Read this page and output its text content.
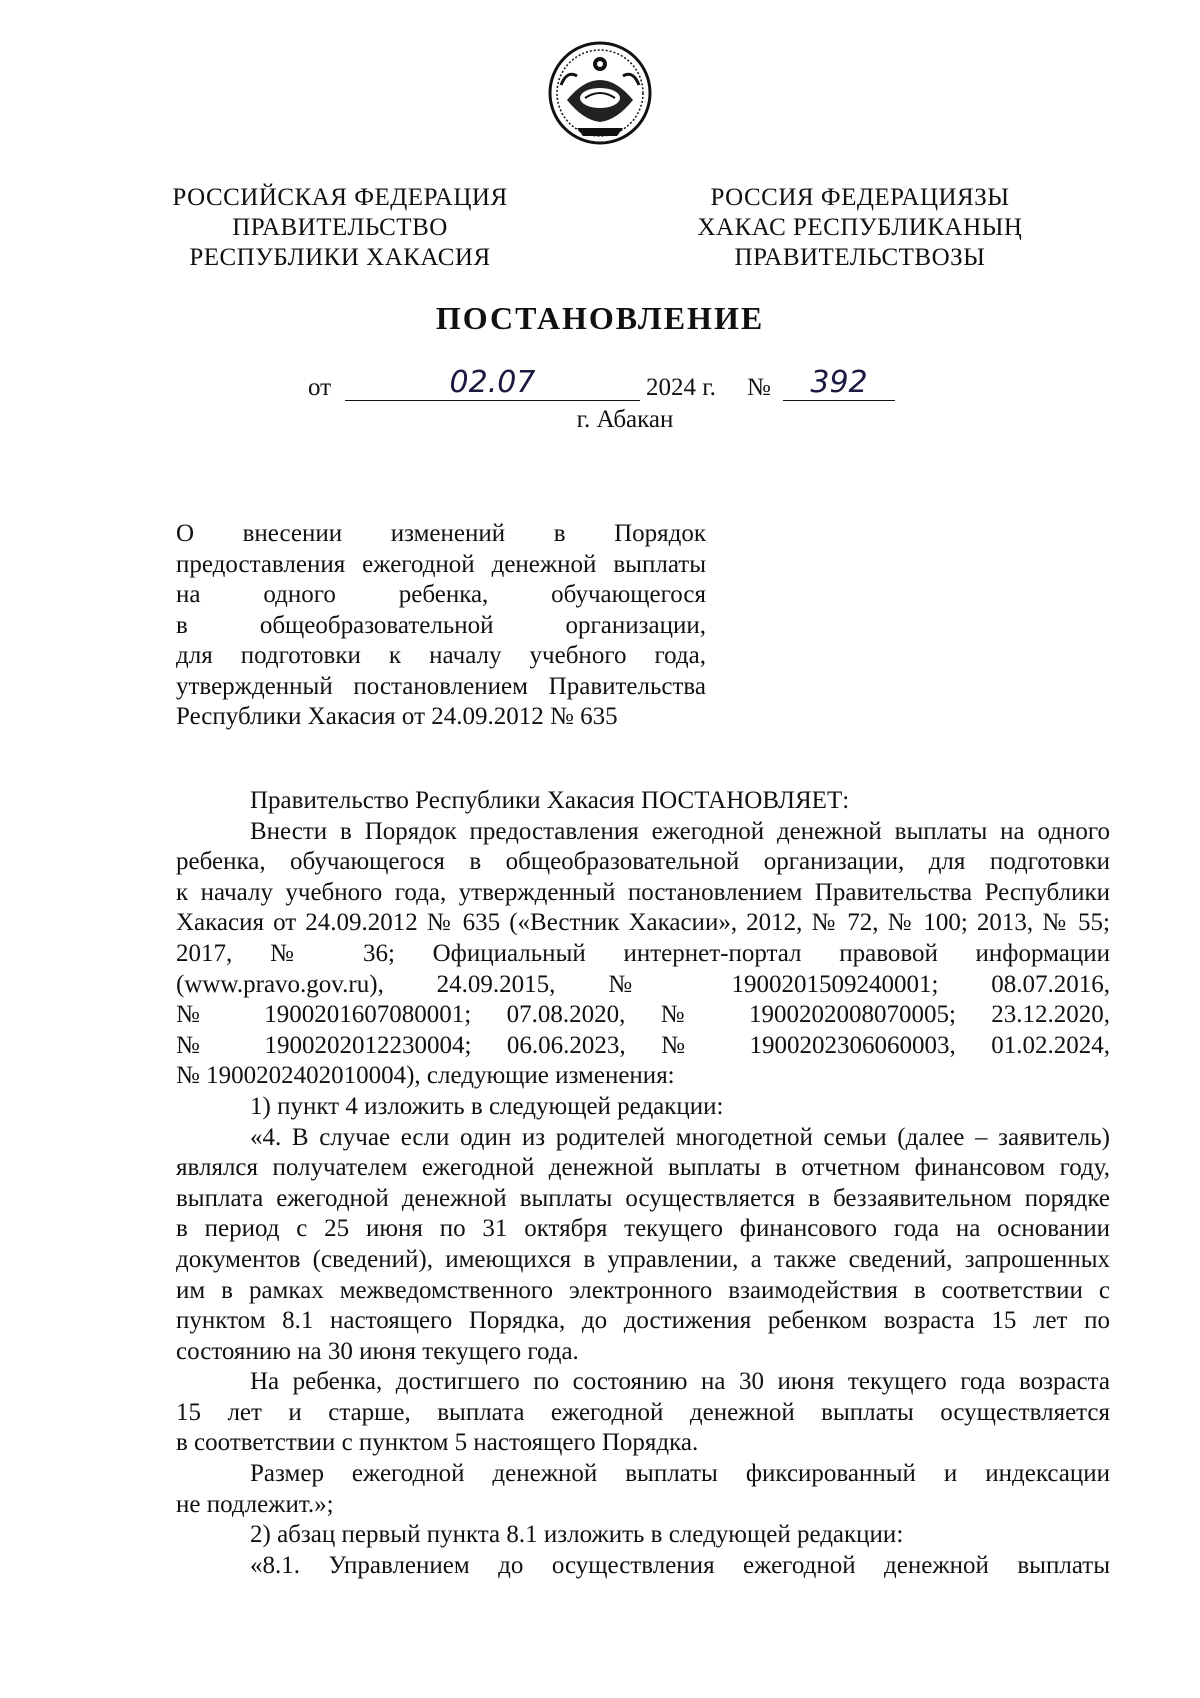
РОССИЙСКАЯ ФЕДЕРАЦИЯ
ПРАВИТЕЛЬСТВО
РЕСПУБЛИКИ ХАКАСИЯ
РОССИЯ ФЕДЕРАЦИЯЗЫ
ХАКАС РЕСПУБЛИКАНЫҢ
ПРАВИТЕЛЬСТВОЗЫ
ПОСТАНОВЛЕНИЕ
от	02.07	2024 г. №	392
г. Абакан
О внесении изменений в Порядок
предоставления ежегодной денежной выплаты
на одного ребенка, обучающегося
в общеобразовательной организации,
для подготовки к началу учебного года,
утвержденный постановлением Правительства
Республики Хакасия от 24.09.2012 № 635
Правительство Республики Хакасия ПОСТАНОВЛЯЕТ:
Внести в Порядок предоставления ежегодной денежной выплаты на одного
ребенка, обучающегося в общеобразовательной организации, для подготовки
к началу учебного года, утвержденный постановлением Правительства Республики
Хакасия от 24.09.2012 № 635 («Вестник Хакасии», 2012, № 72, № 100; 2013, № 55;
2017, № 36; Официальный интернет-портал правовой информации
(www.pravo.gov.ru), 24.09.2015, № 1900201509240001; 08.07.2016,
№ 1900201607080001; 07.08.2020, № 1900202008070005; 23.12.2020,
№ 1900202012230004; 06.06.2023, № 1900202306060003, 01.02.2024,
№ 1900202402010004), следующие изменения:
1) пункт 4 изложить в следующей редакции:
«4. В случае если один из родителей многодетной семьи (далее – заявитель)
являлся получателем ежегодной денежной выплаты в отчетном финансовом году,
выплата ежегодной денежной выплаты осуществляется в беззаявительном порядке
в период с 25 июня по 31 октября текущего финансового года на основании
документов (сведений), имеющихся в управлении, а также сведений, запрошенных
им в рамках межведомственного электронного взаимодействия в соответствии с
пунктом 8.1 настоящего Порядка, до достижения ребенком возраста 15 лет по
состоянию на 30 июня текущего года.
На ребенка, достигшего по состоянию на 30 июня текущего года возраста
15 лет и старше, выплата ежегодной денежной выплаты осуществляется
в соответствии с пунктом 5 настоящего Порядка.
Размер ежегодной денежной выплаты фиксированный и индексации
не подлежит.»;
2) абзац первый пункта 8.1 изложить в следующей редакции:
«8.1. Управлением до осуществления ежегодной денежной выплаты
